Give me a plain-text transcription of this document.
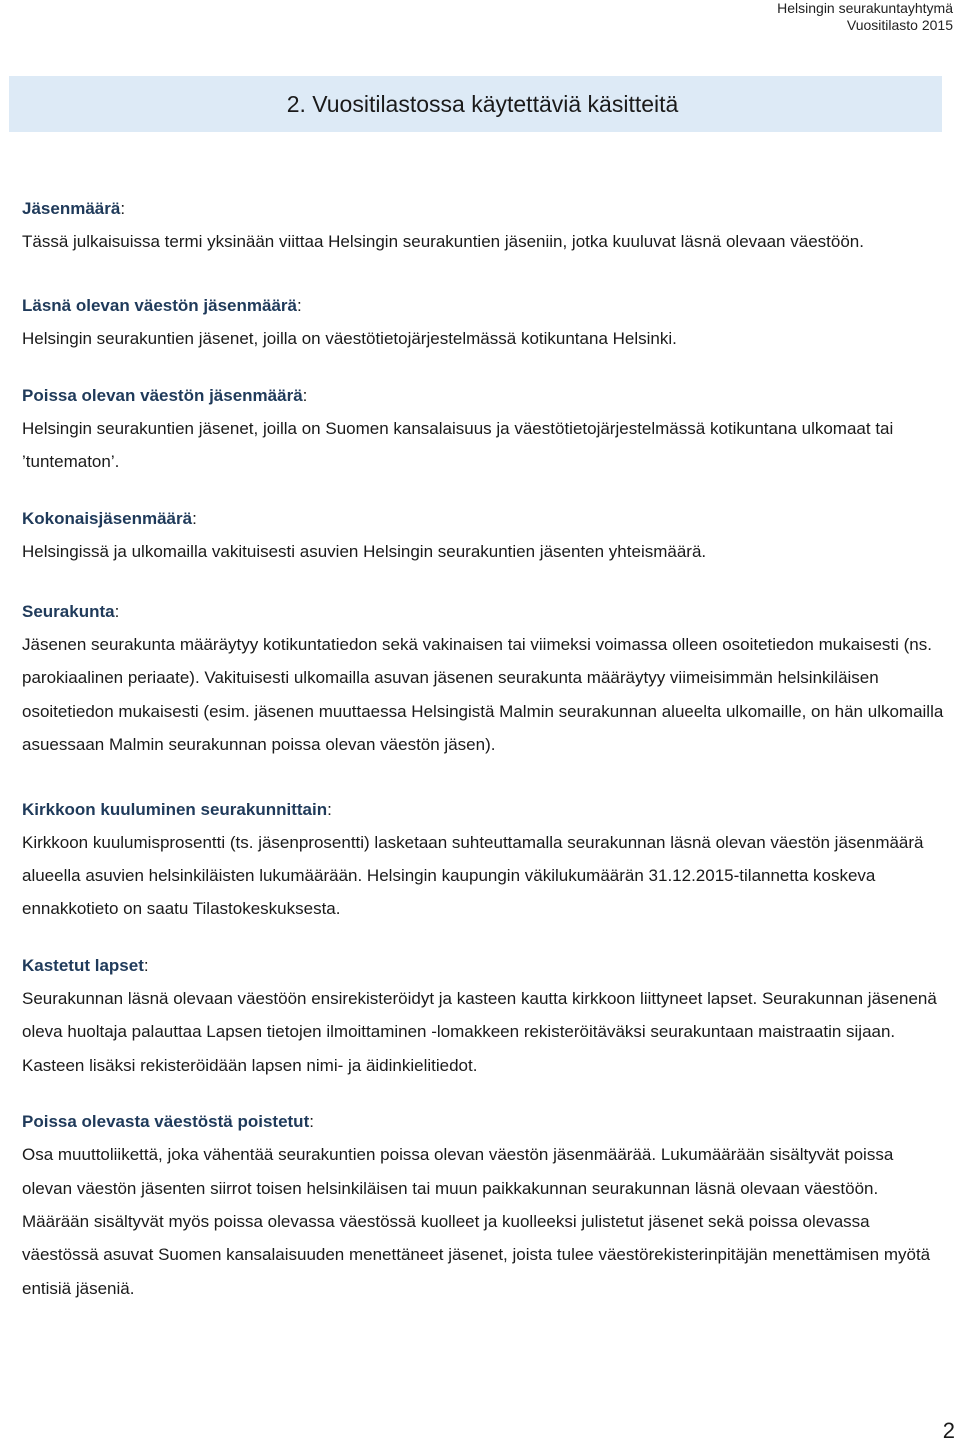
Helsingin seurakuntayhtymä
Vuositilasto 2015
2. Vuositilastossa käytettäviä käsitteitä

Jäsenmäärä:

Tässä julkaisuissa termi yksinään viittaa Helsingin seurakuntien jäseniin, jotka kuuluvat läsnä olevaan väestöön.

Läsnä olevan väestön jäsenmäärä:

Helsingin seurakuntien jäsenet, joilla on väestötietojärjestelmässä kotikuntana Helsinki.

Poissa olevan väestön jäsenmäärä:

Helsingin seurakuntien jäsenet, joilla on Suomen kansalaisuus ja väestötietojärjestelmässä kotikuntana ulkomaat tai ’tuntematon’.

Kokonaisjäsenmäärä:

Helsingissä ja ulkomailla vakituisesti asuvien Helsingin seurakuntien jäsenten yhteismäärä.

Seurakunta:

Jäsenen seurakunta määräytyy kotikuntatiedon sekä vakinaisen tai viimeksi voimassa olleen osoitetiedon mukaisesti (ns. parokiaalinen periaate). Vakituisesti ulkomailla asuvan jäsenen seurakunta määräytyy viimeisimmän helsinkiläisen osoitetiedon mukaisesti (esim. jäsenen muuttaessa Helsingistä Malmin seurakunnan alueelta ulkomaille, on hän ulkomailla asuessaan Malmin seurakunnan poissa olevan väestön jäsen).

Kirkkoon kuuluminen seurakunnittain:

Kirkkoon kuulumisprosentti (ts. jäsenprosentti) lasketaan suhteuttamalla seurakunnan läsnä olevan väestön jäsenmäärä alueella asuvien helsinkiläisten lukumäärään. Helsingin kaupungin väkilukumäärän 31.12.2015-tilannetta koskeva ennakkotieto on saatu Tilastokeskuksesta.

Kastetut lapset:

Seurakunnan läsnä olevaan väestöön ensirekisteröidyt ja kasteen kautta kirkkoon liittyneet lapset. Seurakunnan jäsenenä oleva huoltaja palauttaa Lapsen tietojen ilmoittaminen -lomakkeen rekisteröitäväksi seurakuntaan maistraatin sijaan. Kasteen lisäksi rekisteröidään lapsen nimi- ja äidinkielitiedot.

Poissa olevasta väestöstä poistetut:

Osa muuttoliikettä, joka vähentää seurakuntien poissa olevan väestön jäsenmäärää. Lukumäärään sisältyvät poissa olevan väestön jäsenten siirrot toisen helsinkiläisen tai muun paikkakunnan seurakunnan läsnä olevaan väestöön. Määrään sisältyvät myös poissa olevassa väestössä kuolleet ja kuolleeksi julistetut jäsenet sekä poissa olevassa väestössä asuvat Suomen kansalaisuuden menettäneet jäsenet, joista tulee väestörekisterinpitäjän menettämisen myötä entisiä jäseniä.

2
